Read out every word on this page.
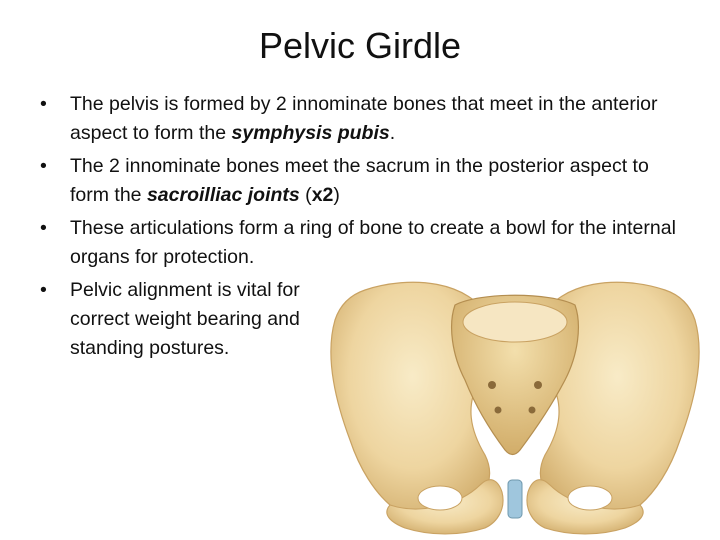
Pelvic Girdle
• The pelvis is formed by 2 innominate bones that meet in the anterior aspect to form the symphysis pubis.
• The 2 innominate bones meet the sacrum in the posterior aspect to form the sacroilliac joints (x2)
• These articulations form a ring of bone to create a bowl for the internal organs for protection.
• Pelvic alignment is vital for correct weight bearing and standing postures.
